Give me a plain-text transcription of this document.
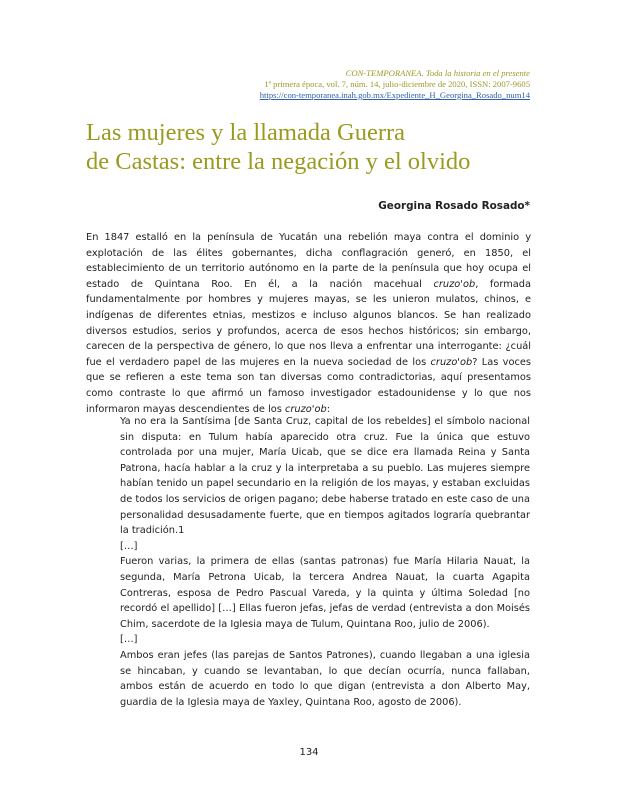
CON-TEMPORANEA. Toda la historia en el presente
1ª primera época, vol. 7, núm. 14, julio-diciembre de 2020, ISSN: 2007-9605
https://con-temporanea.inah.gob.mx/Expediente_H_Georgina_Rosado_num14
Las mujeres y la llamada Guerra
de Castas: entre la negación y el olvido
Georgina Rosado Rosado*

En 1847 estalló en la península de Yucatán una rebelión maya contra el dominio y explotación de las élites gobernantes, dicha conflagración generó, en 1850, el establecimiento de un territorio autónomo en la parte de la península que hoy ocupa el estado de Quintana Roo. En él, a la nación macehual cruzo'ob, formada fundamentalmente por hombres y mujeres mayas, se les unieron mulatos, chinos, e indígenas de diferentes etnias, mestizos e incluso algunos blancos. Se han realizado diversos estudios, serios y profundos, acerca de esos hechos históricos; sin embargo, carecen de la perspectiva de género, lo que nos lleva a enfrentar una interrogante: ¿cuál fue el verdadero papel de las mujeres en la nueva sociedad de los cruzo'ob? Las voces que se refieren a este tema son tan diversas como contradictorias, aquí presentamos como contraste lo que afirmó un famoso investigador estadounidense y lo que nos informaron mayas descendientes de los cruzo'ob:

Ya no era la Santísima [de Santa Cruz, capital de los rebeldes] el símbolo nacional sin disputa: en Tulum había aparecido otra cruz. Fue la única que estuvo controlada por una mujer, María Uicab, que se dice era llamada Reina y Santa Patrona, hacía hablar a la cruz y la interpretaba a su pueblo. Las mujeres siempre habían tenido un papel secundario en la religión de los mayas, y estaban excluidas de todos los servicios de origen pagano; debe haberse tratado en este caso de una personalidad desusadamente fuerte, que en tiempos agitados lograría quebrantar la tradición.1

[…]

Fueron varias, la primera de ellas (santas patronas) fue María Hilaria Nauat, la segunda, María Petrona Uicab, la tercera Andrea Nauat, la cuarta Agapita Contreras, esposa de Pedro Pascual Vareda, y la quinta y última Soledad [no recordó el apellido] […] Ellas fueron jefas, jefas de verdad (entrevista a don Moisés Chim, sacerdote de la Iglesia maya de Tulum, Quintana Roo, julio de 2006).

[…]

Ambos eran jefes (las parejas de Santos Patrones), cuando llegaban a una iglesia se hincaban, y cuando se levantaban, lo que decían ocurría, nunca fallaban, ambos están de acuerdo en todo lo que digan (entrevista a don Alberto May, guardia de la Iglesia maya de Yaxley, Quintana Roo, agosto de 2006).

134
